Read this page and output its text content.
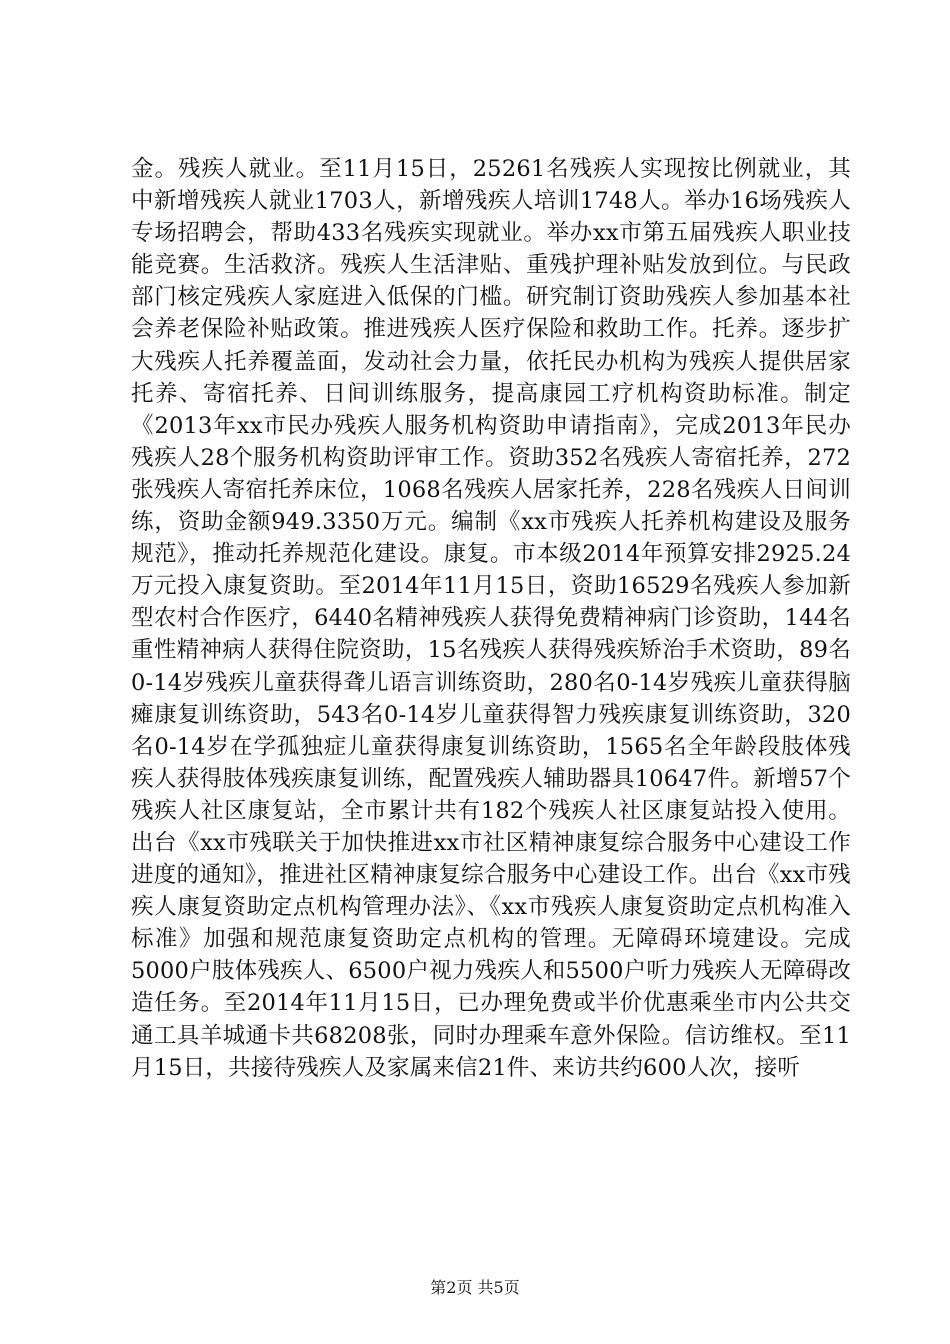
金。残疾人就业。至11月15日，25261名残疾人实现按比例就业，其中新增残疾人就业1703人，新增残疾人培训1748人。举办16场残疾人专场招聘会，帮助433名残疾实现就业。举办xx市第五届残疾人职业技能竞赛。生活救济。残疾人生活津贴、重残护理补贴发放到位。与民政部门核定残疾人家庭进入低保的门槛。研究制订资助残疾人参加基本社会养老保险补贴政策。推进残疾人医疗保险和救助工作。托养。逐步扩大残疾人托养覆盖面，发动社会力量，依托民办机构为残疾人提供居家托养、寄宿托养、日间训练服务，提高康园工疗机构资助标准。制定《2013年xx市民办残疾人服务机构资助申请指南》，完成2013年民办残疾人28个服务机构资助评审工作。资助352名残疾人寄宿托养，272张残疾人寄宿托养床位，1068名残疾人居家托养，228名残疾人日间训练，资助金额949.3350万元。编制《xx市残疾人托养机构建设及服务规范》，推动托养规范化建设。康复。市本级2014年预算安排2925.24万元投入康复资助。至2014年11月15日，资助16529名残疾人参加新型农村合作医疗，6440名精神残疾人获得免费精神病门诊资助，144名重性精神病人获得住院资助，15名残疾人获得残疾矫治手术资助，89名0-14岁残疾儿童获得聋儿语言训练资助，280名0-14岁残疾儿童获得脑瘫康复训练资助，543名0-14岁儿童获得智力残疾康复训练资助，320名0-14岁在学孤独症儿童获得康复训练资助，1565名全年龄段肢体残疾人获得肢体残疾康复训练，配置残疾人辅助器具10647件。新增57个残疾人社区康复站，全市累计共有182个残疾人社区康复站投入使用。出台《xx市残联关于加快推进xx市社区精神康复综合服务中心建设工作进度的通知》，推进社区精神康复综合服务中心建设工作。出台《xx市残疾人康复资助定点机构管理办法》、《xx市残疾人康复资助定点机构准入标准》加强和规范康复资助定点机构的管理。无障碍环境建设。完成5000户肢体残疾人、6500户视力残疾人和5500户听力残疾人无障碍改造任务。至2014年11月15日，已办理免费或半价优惠乘坐市内公共交通工具羊城通卡共68208张，同时办理乘车意外保险。信访维权。至11月15日，共接待残疾人及家属来信21件、来访共约600人次，接听

第2页 共5页
